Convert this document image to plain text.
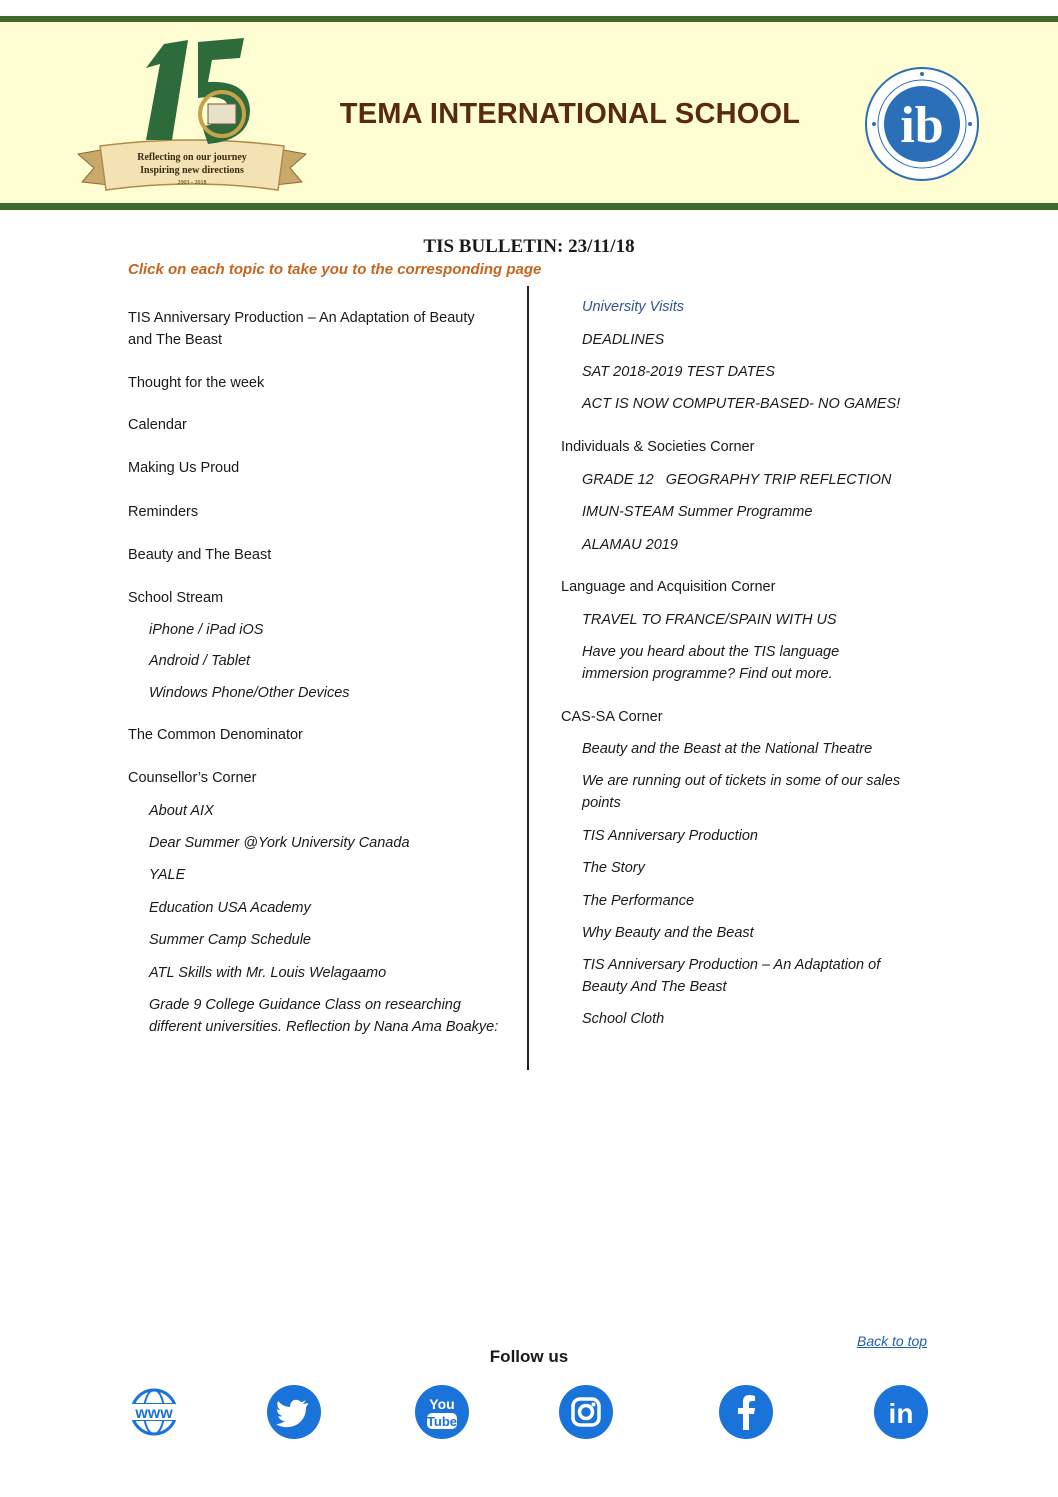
Reflecting on our journey
Inspiring new directions
2003 - 2018
TEMA INTERNATIONAL SCHOOL	ib
TIS BULLETIN: 23/11/18
Click on each topic to take you to the corresponding page
TIS Anniversary Production – An Adaptation of Beauty and The Beast
Thought for the week
Calendar
Making Us Proud
Reminders
Beauty and The Beast
School Stream
iPhone / iPad iOS
Android / Tablet
Windows Phone/Other Devices
The Common Denominator
Counsellor’s Corner
About AIX
Dear Summer @York University Canada
YALE
Education USA Academy
Summer Camp Schedule
ATL Skills with Mr. Louis Welagaamo
Grade 9 College Guidance Class on researching different universities. Reflection by Nana Ama Boakye:
University Visits
DEADLINES
SAT 2018-2019 TEST DATES
ACT IS NOW COMPUTER-BASED- NO GAMES!
Individuals & Societies Corner
GRADE 12   GEOGRAPHY TRIP REFLECTION
IMUN-STEAM Summer Programme
ALAMAU 2019
Language and Acquisition Corner
TRAVEL TO FRANCE/SPAIN WITH US
Have you heard about the TIS language immersion programme? Find out more.
CAS-SA Corner
Beauty and the Beast at the National Theatre
We are running out of tickets in some of our sales points
TIS Anniversary Production
The Story
The Performance
Why Beauty and the Beast
TIS Anniversary Production – An Adaptation of Beauty And The Beast
School Cloth
Back to top
Follow us
www
You
Tube	in
